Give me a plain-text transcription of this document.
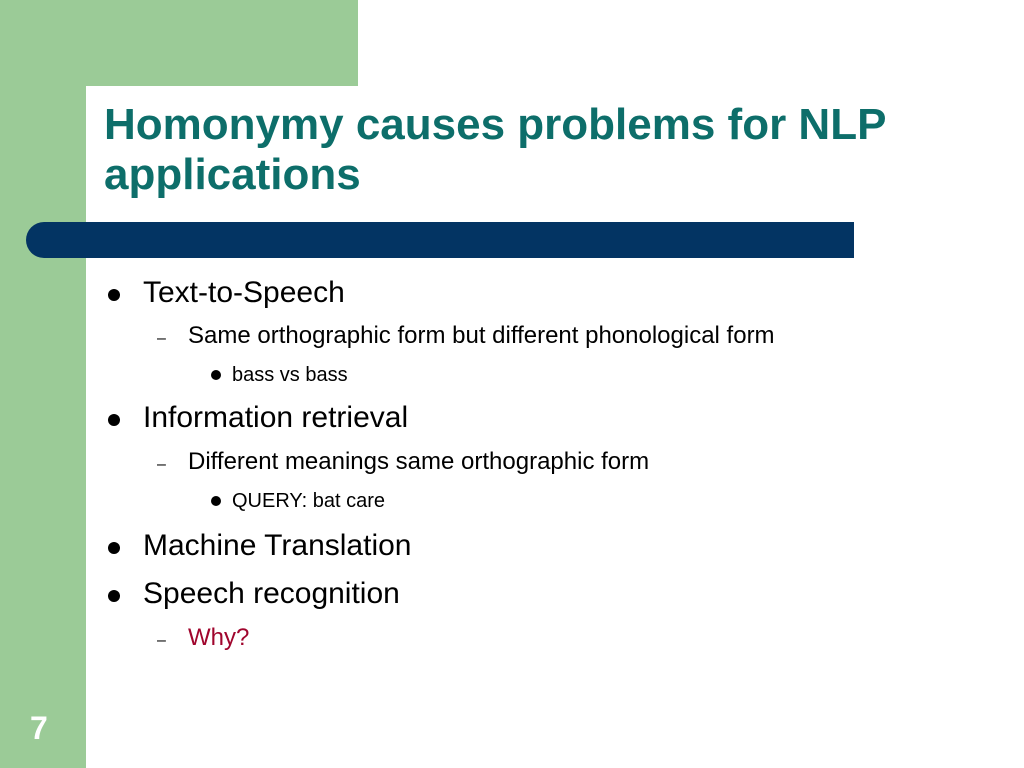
Homonymy causes problems for NLP applications

Text-to-Speech

– Same orthographic form but different phonological form

bass vs bass

Information retrieval

– Different meanings same orthographic form

QUERY: bat care

Machine Translation

Speech recognition

– Why?

7
